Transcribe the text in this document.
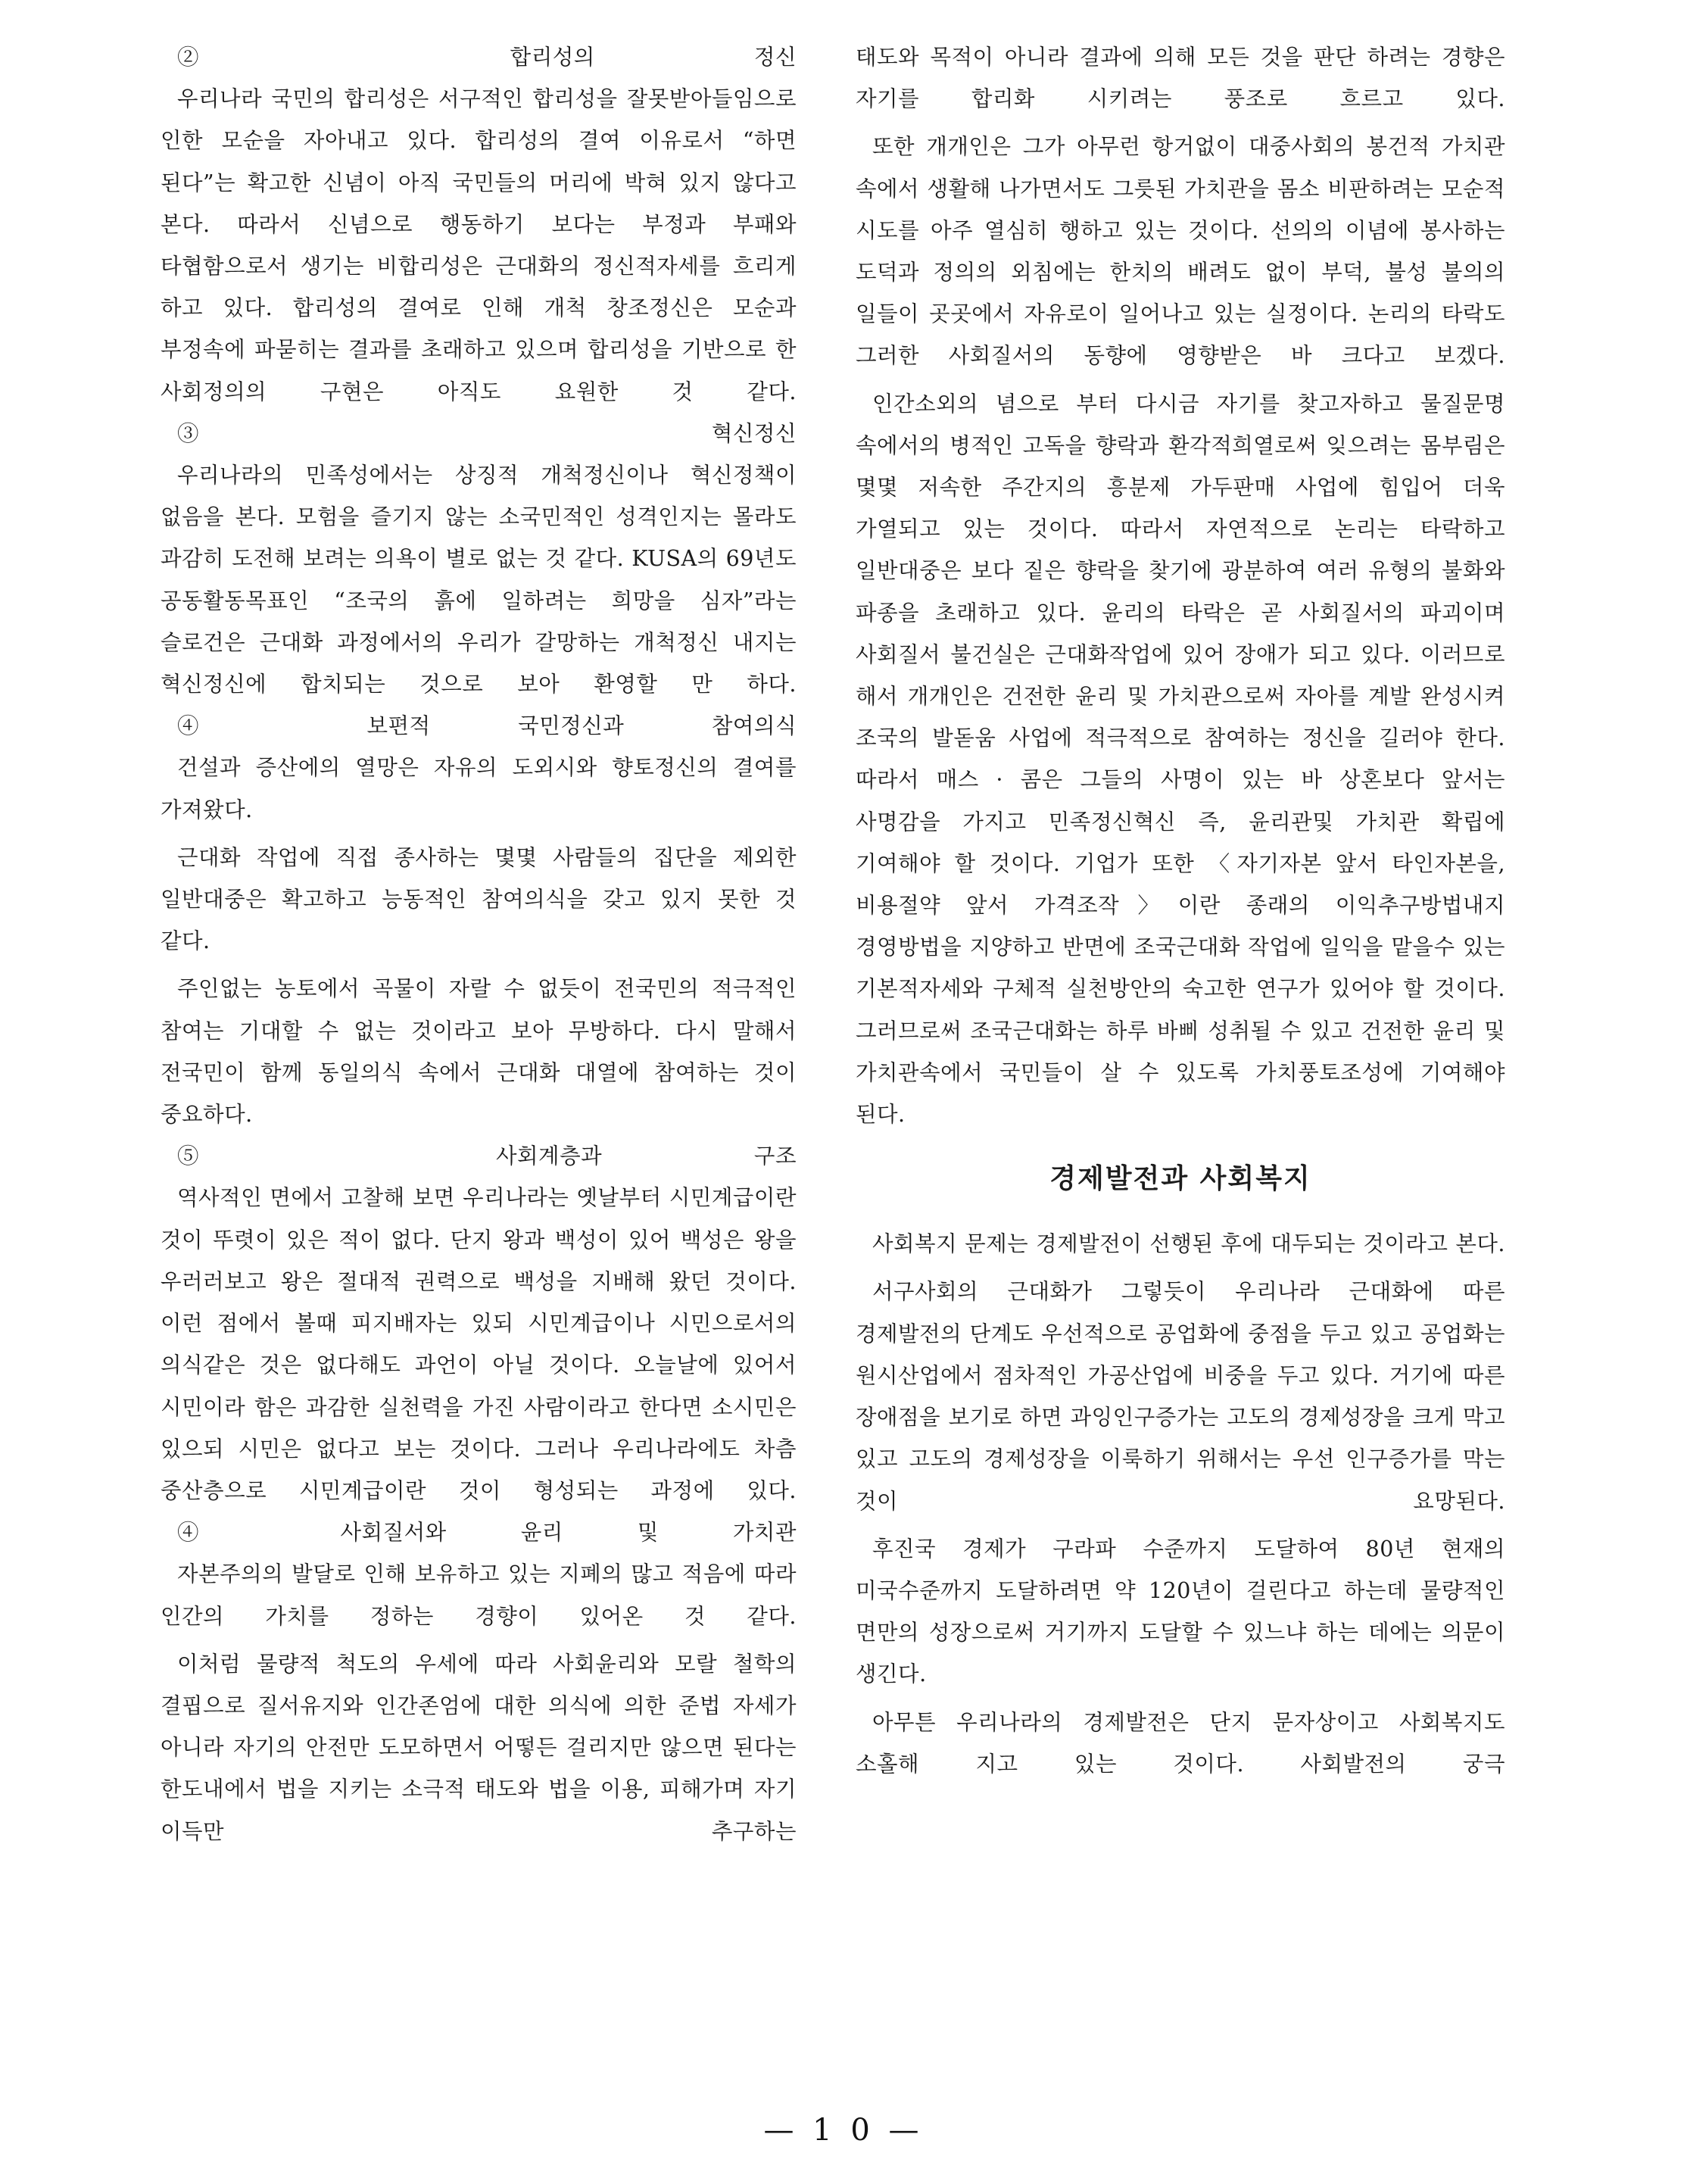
② 합리성의 정신

우리나라 국민의 합리성은 서구적인 합리성을 잘못받아들임으로 인한 모순을 자아내고 있다. 합리성의 결여 이유로서 “하면 된다”는 확고한 신념이 아직 국민들의 머리에 박혀 있지 않다고 본다. 따라서 신념으로 행동하기 보다는 부정과 부패와 타협함으로서 생기는 비합리성은 근대화의 정신적자세를 흐리게 하고 있다. 합리성의 결여로 인해 개척 창조정신은 모순과 부정속에 파묻히는 결과를 초래하고 있으며 합리성을 기반으로 한 사회정의의 구현은 아직도 요원한 것 같다.

③ 혁신정신

우리나라의 민족성에서는 상징적 개척정신이나 혁신정책이 없음을 본다. 모험을 즐기지 않는 소국민적인 성격인지는 몰라도 과감히 도전해 보려는 의욕이 별로 없는 것 같다. KUSA의 69년도 공동활동목표인 “조국의 흙에 일하려는 희망을 심자”라는 슬로건은 근대화 과정에서의 우리가 갈망하는 개척정신 내지는 혁신정신에 합치되는 것으로 보아 환영할 만 하다.

④ 보편적 국민정신과 참여의식

건설과 증산에의 열망은 자유의 도외시와 향토정신의 결여를 가져왔다.

근대화 작업에 직접 종사하는 몇몇 사람들의 집단을 제외한 일반대중은 확고하고 능동적인 참여의식을 갖고 있지 못한 것 같다.

주인없는 농토에서 곡물이 자랄 수 없듯이 전국민의 적극적인 참여는 기대할 수 없는 것이라고 보아 무방하다. 다시 말해서 전국민이 함께 동일의식 속에서 근대화 대열에 참여하는 것이 중요하다.

⑤ 사회계층과 구조

역사적인 면에서 고찰해 보면 우리나라는 옛날부터 시민계급이란 것이 뚜렷이 있은 적이 없다. 단지 왕과 백성이 있어 백성은 왕을 우러러보고 왕은 절대적 권력으로 백성을 지배해 왔던 것이다. 이런 점에서 볼때 피지배자는 있되 시민계급이나 시민으로서의 의식같은 것은 없다해도 과언이 아닐 것이다. 오늘날에 있어서 시민이라 함은 과감한 실천력을 가진 사람이라고 한다면 소시민은 있으되 시민은 없다고 보는 것이다. 그러나 우리나라에도 차츰 중산층으로 시민계급이란 것이 형성되는 과정에 있다.

④ 사회질서와 윤리 및 가치관

자본주의의 발달로 인해 보유하고 있는 지폐의 많고 적음에 따라 인간의 가치를 정하는 경향이 있어온 것 같다.

이처럼 물량적 척도의 우세에 따라 사회윤리와 모랄 철학의 결핍으로 질서유지와 인간존엄에 대한 의식에 의한 준법 자세가 아니라 자기의 안전만 도모하면서 어떻든 걸리지만 않으면 된다는 한도내에서 법을 지키는 소극적 태도와 법을 이용, 피해가며 자기 이득만 추구하는

태도와 목적이 아니라 결과에 의해 모든 것을 판단 하려는 경향은 자기를 합리화 시키려는 풍조로 흐르고 있다.

또한 개개인은 그가 아무런 항거없이 대중사회의 봉건적 가치관 속에서 생활해 나가면서도 그릇된 가치관을 몸소 비판하려는 모순적 시도를 아주 열심히 행하고 있는 것이다. 선의의 이념에 봉사하는 도덕과 정의의 외침에는 한치의 배려도 없이 부덕, 불성 불의의 일들이 곳곳에서 자유로이 일어나고 있는 실정이다. 논리의 타락도 그러한 사회질서의 동향에 영향받은 바 크다고 보겠다.

인간소외의 념으로 부터 다시금 자기를 찾고자하고 물질문명 속에서의 병적인 고독을 향락과 환각적희열로써 잊으려는 몸부림은 몇몇 저속한 주간지의 흥분제 가두판매 사업에 힘입어 더욱 가열되고 있는 것이다. 따라서 자연적으로 논리는 타락하고 일반대중은 보다 짙은 향락을 찾기에 광분하여 여러 유형의 불화와 파종을 초래하고 있다. 윤리의 타락은 곧 사회질서의 파괴이며 사회질서 불건실은 근대화작업에 있어 장애가 되고 있다. 이러므로 해서 개개인은 건전한 윤리 및 가치관으로써 자아를 계발 완성시켜 조국의 발돋움 사업에 적극적으로 참여하는 정신을 길러야 한다. 따라서 매스 · 콤은 그들의 사명이 있는 바 상혼보다 앞서는 사명감을 가지고 민족정신혁신 즉, 윤리관및 가치관 확립에 기여해야 할 것이다. 기업가 또한 〈자기자본 앞서 타인자본을, 비용절약 앞서 가격조작〉이란 종래의 이익추구방법내지 경영방법을 지양하고 반면에 조국근대화 작업에 일익을 맡을수 있는 기본적자세와 구체적 실천방안의 숙고한 연구가 있어야 할 것이다. 그러므로써 조국근대화는 하루 바삐 성취될 수 있고 건전한 윤리 및 가치관속에서 국민들이 살 수 있도록 가치풍토조성에 기여해야 된다.

경제발전과 사회복지

사회복지 문제는 경제발전이 선행된 후에 대두되는 것이라고 본다.

서구사회의 근대화가 그렇듯이 우리나라 근대화에 따른 경제발전의 단계도 우선적으로 공업화에 중점을 두고 있고 공업화는 원시산업에서 점차적인 가공산업에 비중을 두고 있다. 거기에 따른 장애점을 보기로 하면 과잉인구증가는 고도의 경제성장을 크게 막고 있고 고도의 경제성장을 이룩하기 위해서는 우선 인구증가를 막는 것이 요망된다.

후진국 경제가 구라파 수준까지 도달하여 80년 현재의 미국수준까지 도달하려면 약 120년이 걸린다고 하는데 물량적인 면만의 성장으로써 거기까지 도달할 수 있느냐 하는 데에는 의문이 생긴다.

아무튼 우리나라의 경제발전은 단지 문자상이고 사회복지도 소홀해 지고 있는 것이다. 사회발전의 궁극

— 1 0 —
